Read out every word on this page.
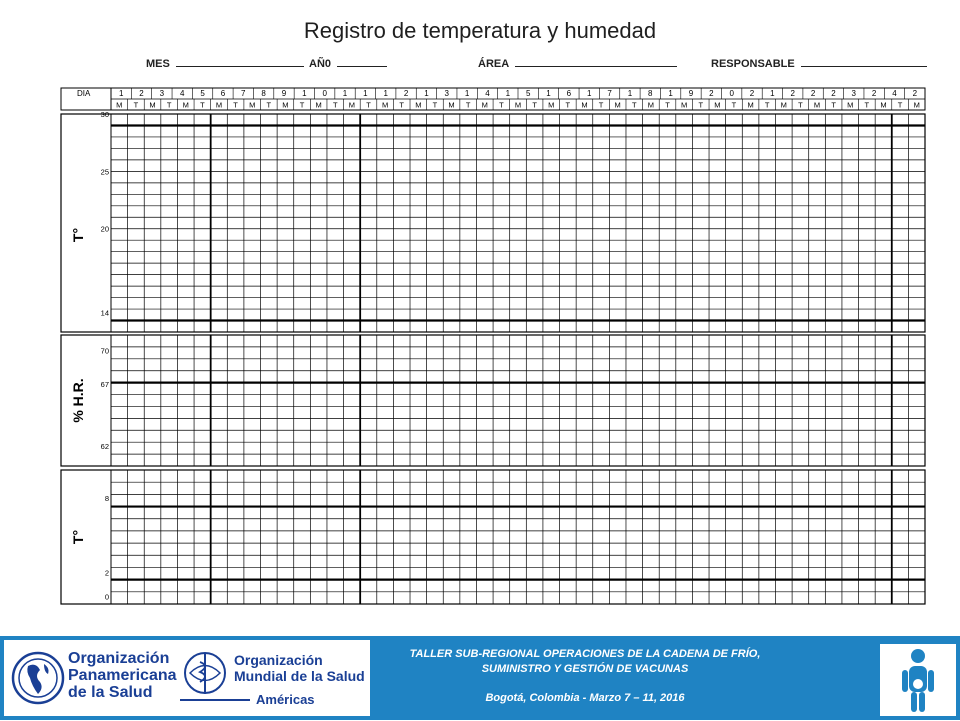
Registro de temperatura y humedad
MES	AÑ0	ÁREA	RESPONSABLE
DIA	1 2 3 4 5 6 7 8 9 1 0 1 1 1 2 1 3 1 4 1 5 1 6 1 7 1 8 1 9 2 0 2 1 2 2 2 3 2 4 2
M T M T M T M T M T M T M T M T M T M T M T M T M T M T M T M T M T M T M T M T M T M T M T M T M
30
25
20
14
T°
70
67
62
% H.R.
8
2
0
T°
Organización
Panamericana
de la Salud
Organización
Mundial de la Salud
Américas
TALLER SUB-REGIONAL OPERACIONES DE LA CADENA DE FRÍO,
SUMINISTRO Y GESTIÓN DE VACUNAS
Bogotá, Colombia - Marzo 7 – 11, 2016
